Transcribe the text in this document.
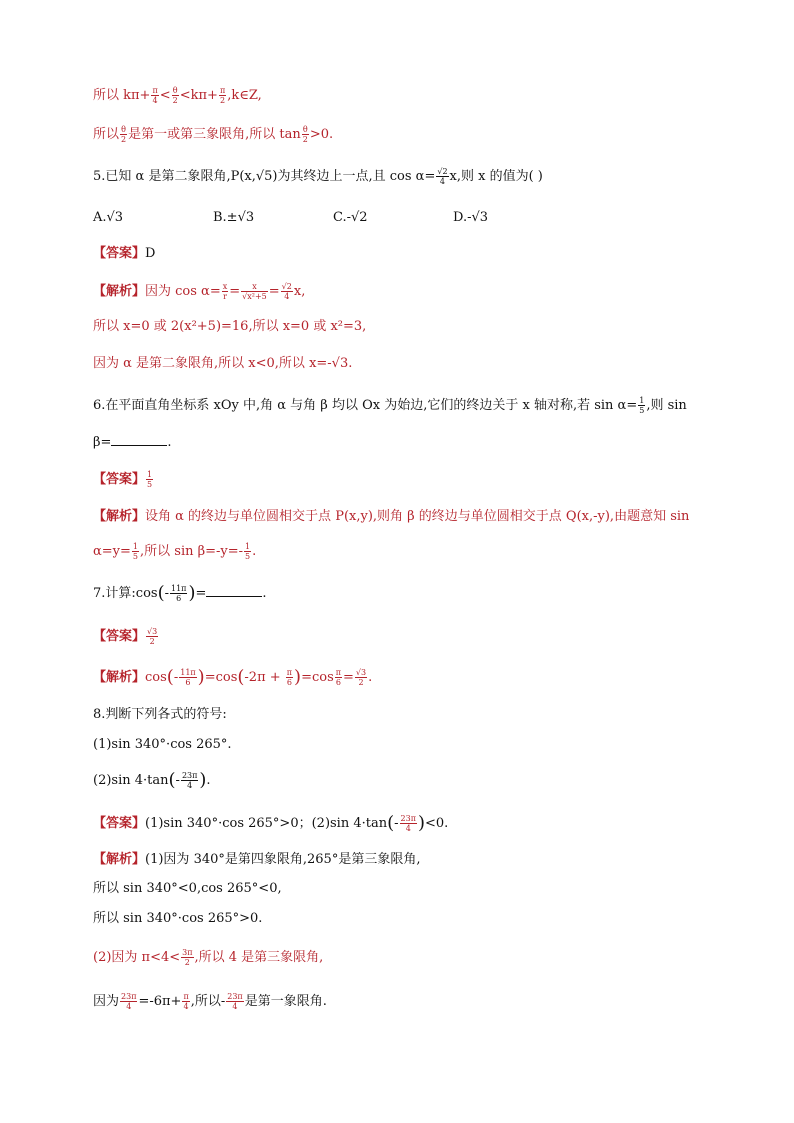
所以 $k\pi+ \frac{\pi}{4} < \frac{\theta}{2} <k\pi+ \frac{\pi}{2}$ ,k∈Z,
所以 $\frac{\theta}{2}$ 是第一或第三象限角,所以 $\tan \frac{\theta}{2} >0$.
5.已知 α 是第二象限角,P(x,√5)为其终边上一点,且 $\cos \alpha= \frac{√2}{4} x$,则 x 的值为( )
A.√3	B.±√3	C.-√2	D.-√3
【答案】D
【解析】因为 $\cos \alpha= \frac{x}{r} = \frac{x}{\text{√x²+5}} = \frac{√2}{4} x$,
所以 x=0 或 2(x²+5)=16,所以 x=0 或 x²=3,
因为 α 是第二象限角,所以 x<0,所以 x=-√3.
6.在平面直角坐标系 xOy 中,角 α 与角 β 均以 Ox 为始边,它们的终边关于 x 轴对称,若 $\sin \alpha= \frac{1}{5}$ ,则 sin
β=	.
【答案】 $\frac{1}{5}$
【解析】设角 α 的终边与单位圆相交于点 P(x,y),则角 β 的终边与单位圆相交于点 Q(x,-y),由题意知 sin
$\alpha=y= \frac{1}{5}$ ,所以 $\sin \beta=-y=- \frac{1}{5}$ .
7.计算:cos(- $\frac{11\pi}{6}$ )=	.
【答案】 $\frac{√3}{2}$
【解析】$\cos(- \frac{11\pi}{6} )=\cos(-2\pi + \frac{\pi}{6} )=\cos \frac{\pi}{6} = \frac{√3}{2}$ .
8.判断下列各式的符号:
(1)sin 340°·cos 265°.
(2)sin $4\cdot\tan(- \frac{23\pi}{4}$ ).
【答案】(1)sin 340°·cos 265°>0；(2)sin $4\cdot\tan(- \frac{23\pi}{4} )<0$.
【解析】(1)因为 340°是第四象限角,265°是第三象限角,
所以 sin 340°<0,cos 265°<0,
所以 sin 340°·cos 265°>0.
(2)因为 $\pi<4< \frac{3\pi}{2}$ ,所以 4 是第三象限角,
因为 $\frac{23\pi}{4} =-6\pi+ \frac{\pi}{4}$ ,所以- $\frac{23\pi}{4}$ 是第一象限角.
